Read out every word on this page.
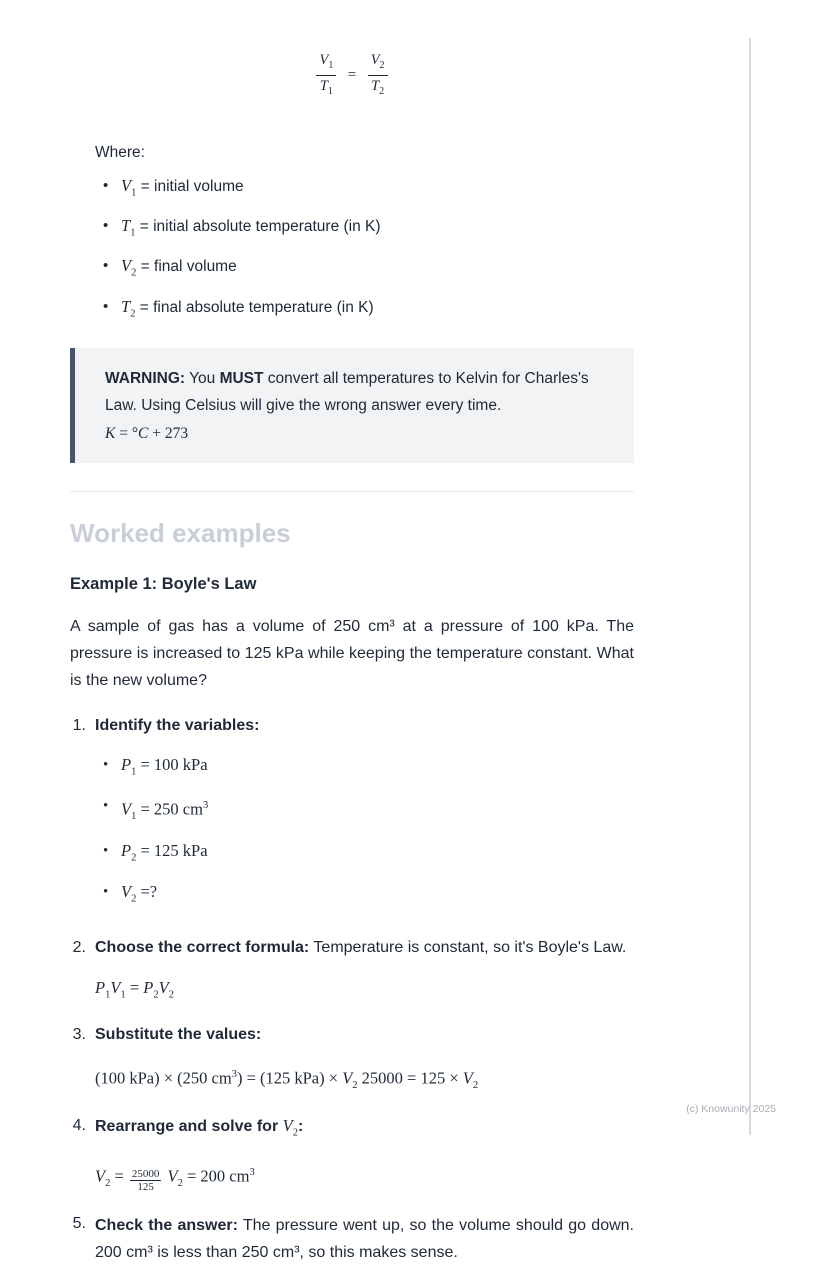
$\frac{V_1}{T_1} = \frac{V_2}{T_2}$
Where:
• $V_1$ = initial volume
• $T_1$ = initial absolute temperature (in K)
• $V_2$ = final volume
• $T_2$ = final absolute temperature (in K)
WARNING: You MUST convert all temperatures to Kelvin for Charles's Law. Using Celsius will give the wrong answer every time.
K = °C + 273
Worked examples
Example 1: Boyle's Law

A sample of gas has a volume of 250 cm³ at a pressure of 100 kPa. The pressure is increased to 125 kPa while keeping the temperature constant. What is the new volume?

1. Identify the variables:
• $P_1 = 100$ kPa
• $V_1 = 250$ $cm^3$
• $P_2 = 125$ kPa
• $V_2$ =?
2. Choose the correct formula: Temperature is constant, so it's Boyle's Law.
$P_1V_1 = P_2V_2$
3. Substitute the values:
(100 kPa) × (250 $cm^3) = (125$ $kPa) \times V_2$ $25000 = 125 \times V_2$
4. Rearrange and solve for $V_2$:
$V_2 = \frac{25000}{125} V_2 = 200$ $cm^3$
5. Check the answer: The pressure went up, so the volume should go down. 200 cm³ is less than 250 cm³, so this makes sense.
(c) Knowunity 2025
